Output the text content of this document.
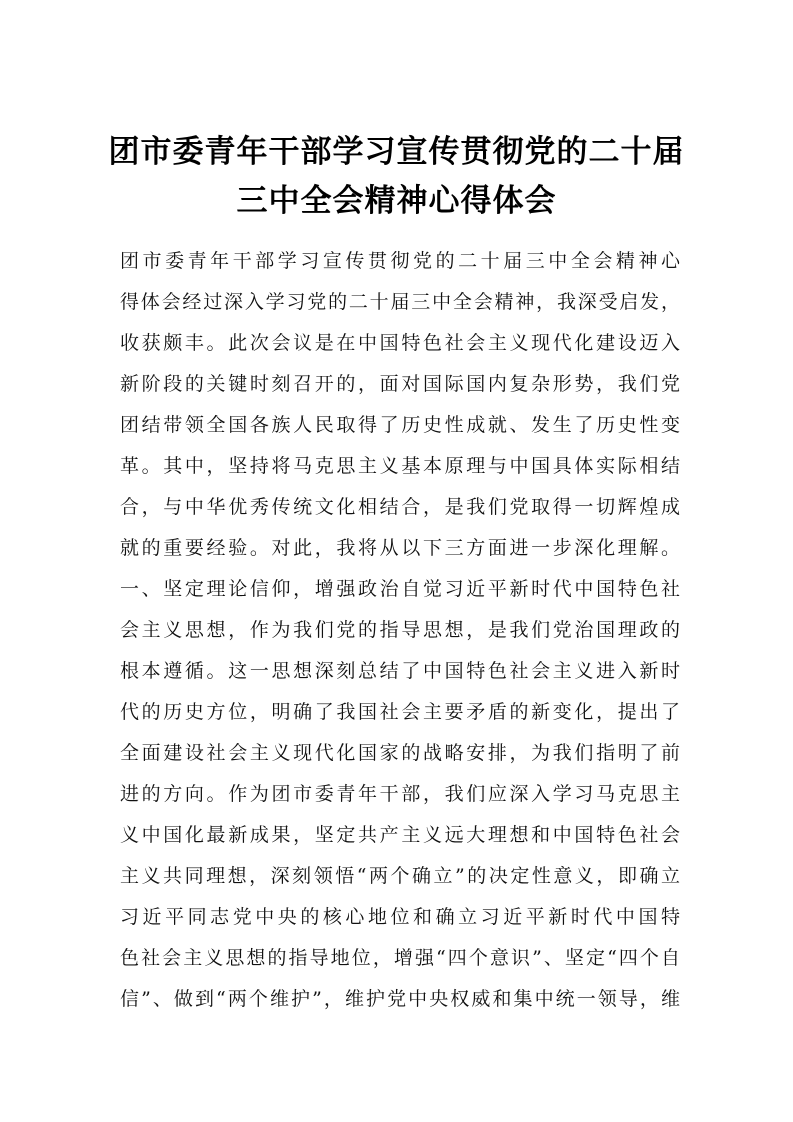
团市委青年干部学习宣传贯彻党的二十届
三中全会精神心得体会
团市委青年干部学习宣传贯彻党的二十届三中全会精神心
得体会经过深入学习党的二十届三中全会精神，我深受启发，
收获颇丰。此次会议是在中国特色社会主义现代化建设迈入
新阶段的关键时刻召开的，面对国际国内复杂形势，我们党
团结带领全国各族人民取得了历史性成就、发生了历史性变
革。其中，坚持将马克思主义基本原理与中国具体实际相结
合，与中华优秀传统文化相结合，是我们党取得一切辉煌成
就的重要经验。对此，我将从以下三方面进一步深化理解。
一、坚定理论信仰，增强政治自觉习近平新时代中国特色社
会主义思想，作为我们党的指导思想，是我们党治国理政的
根本遵循。这一思想深刻总结了中国特色社会主义进入新时
代的历史方位，明确了我国社会主要矛盾的新变化，提出了
全面建设社会主义现代化国家的战略安排，为我们指明了前
进的方向。作为团市委青年干部，我们应深入学习马克思主
义中国化最新成果，坚定共产主义远大理想和中国特色社会
主义共同理想，深刻领悟“两个确立”的决定性意义，即确立
习近平同志党中央的核心地位和确立习近平新时代中国特
色社会主义思想的指导地位，增强“四个意识”、坚定“四个自
信”、做到“两个维护”，维护党中央权威和集中统一领导，维
